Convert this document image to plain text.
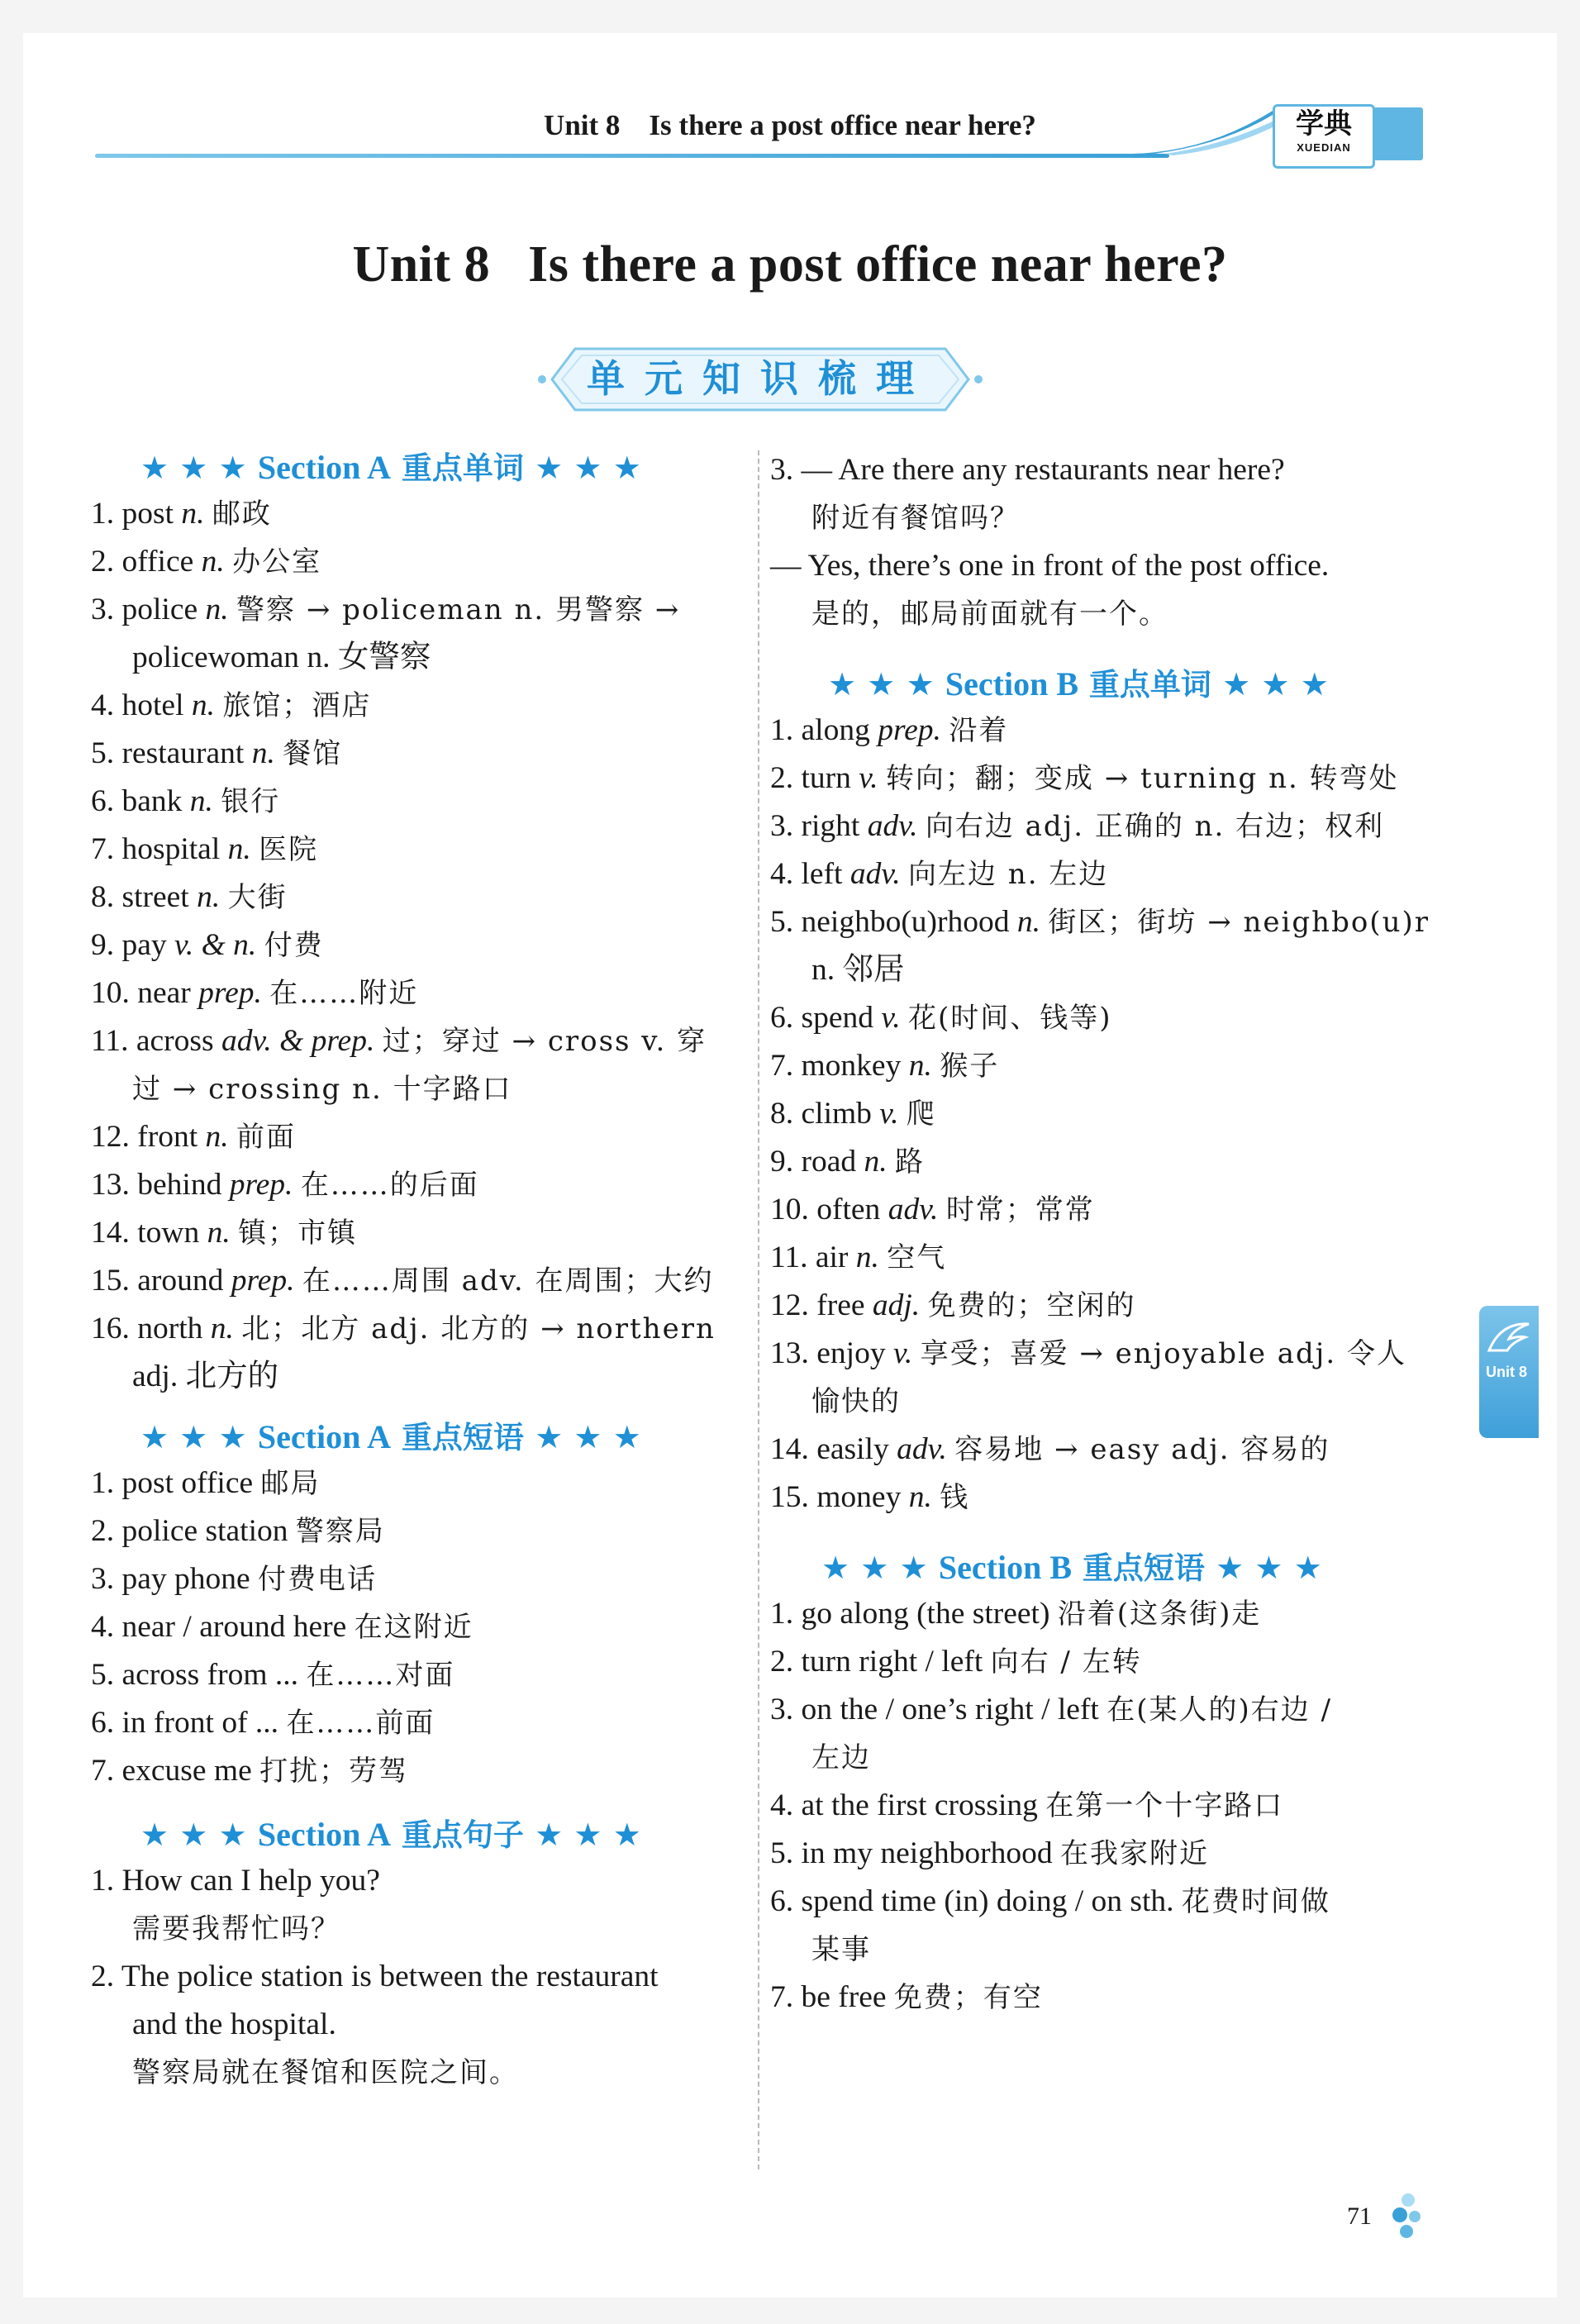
Unit 8    Is there a post office near here?	学典
XUEDIAN
Unit 8 Is there a post office near here?
单元知识梳理
★ ★ ★ Section A 重点单词 ★ ★ ★
1. post n. 邮政
2. office n. 办公室
3. police n. 警察 → policeman n. 男警察 →
policewoman n. 女警察
4. hotel n. 旅馆；酒店
5. restaurant n. 餐馆
6. bank n. 银行
7. hospital n. 医院
8. street n. 大街
9. pay v. & n. 付费
10. near prep. 在……附近
11. across adv. & prep. 过；穿过 → cross v. 穿
过 → crossing n. 十字路口
12. front n. 前面
13. behind prep. 在……的后面
14. town n. 镇；市镇
15. around prep. 在……周围 adv. 在周围；大约
16. north n. 北；北方 adj. 北方的 → northern
adj. 北方的
★ ★ ★ Section A 重点短语 ★ ★ ★
1. post office 邮局
2. police station 警察局
3. pay phone 付费电话
4. near / around here 在这附近
5. across from ... 在……对面
6. in front of ... 在……前面
7. excuse me 打扰；劳驾
★ ★ ★ Section A 重点句子 ★ ★ ★
1. How can I help you?
需要我帮忙吗？
2. The police station is between the restaurant
and the hospital.
警察局就在餐馆和医院之间。
3. — Are there any restaurants near here?
附近有餐馆吗？
— Yes, there’s one in front of the post office.
是的，邮局前面就有一个。
★ ★ ★ Section B 重点单词 ★ ★ ★
1. along prep. 沿着
2. turn v. 转向；翻；变成 → turning n. 转弯处
3. right adv. 向右边 adj. 正确的 n. 右边；权利
4. left adv. 向左边 n. 左边
5. neighbo(u)rhood n. 街区；街坊 → neighbo(u)r
n. 邻居
6. spend v. 花(时间、钱等)
7. monkey n. 猴子
8. climb v. 爬
9. road n. 路
10. often adv. 时常；常常
11. air n. 空气
12. free adj. 免费的；空闲的
13. enjoy v. 享受；喜爱 → enjoyable adj. 令人
愉快的
14. easily adv. 容易地 → easy adj. 容易的
15. money n. 钱
★ ★ ★ Section B 重点短语 ★ ★ ★
1. go along (the street) 沿着(这条街)走
2. turn right / left 向右 / 左转
3. on the / one’s right / left 在(某人的)右边 /
左边
4. at the first crossing 在第一个十字路口
5. in my neighborhood 在我家附近
6. spend time (in) doing / on sth. 花费时间做
某事
7. be free 免费；有空
Unit 8
71
